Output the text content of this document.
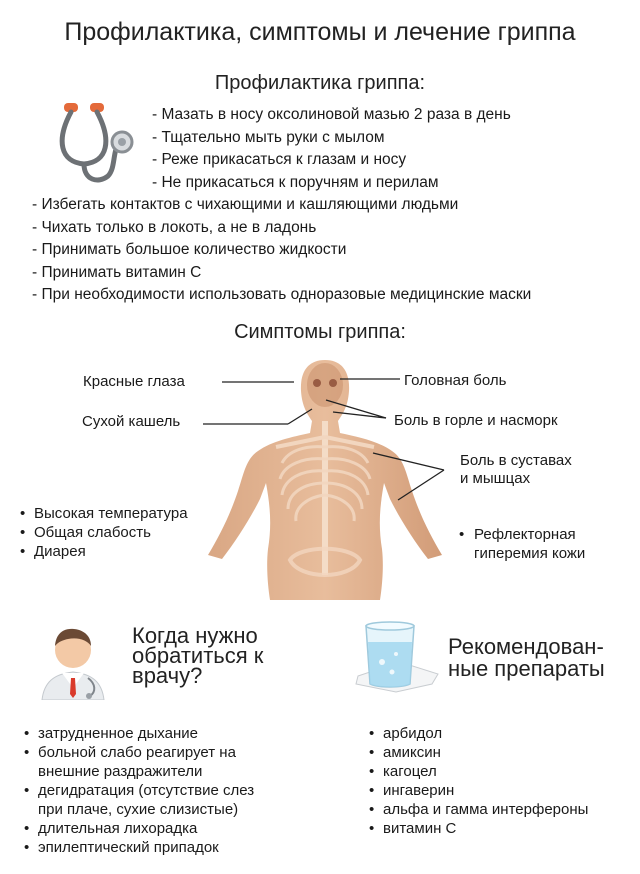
Профилактика, симптомы и лечение гриппа
Профилактика гриппа:
- Мазать в носу оксолиновой мазью 2 раза в день
- Тщательно мыть руки с мылом
- Реже прикасаться к глазам и носу
- Не прикасаться к поручням и перилам
- Избегать контактов с чихающими и кашляющими людьми
- Чихать только в локоть, а не в ладонь
- Принимать большое количество жидкости
- Принимать витамин С
- При необходимости использовать одноразовые медицинские маски
Симптомы гриппа:
Красные глаза
Сухой кашель
Головная боль
Боль в горле и насморк
Боль в суставах
и мышцах
• Высокая температура
• Общая слабость
• Диарея
• Рефлекторная
гиперемия кожи
Когда нужно
обратиться к
врачу?
• затрудненное дыхание
• больной слабо реагирует на
внешние раздражители
• дегидратация (отсутствие слез
при плаче, сухие слизистые)
• длительная лихорадка
• эпилептический припадок
Рекомендован-
ные препараты
• арбидол
• амиксин
• кагоцел
• ингаверин
• альфа и гамма интерфероны
• витамин С
